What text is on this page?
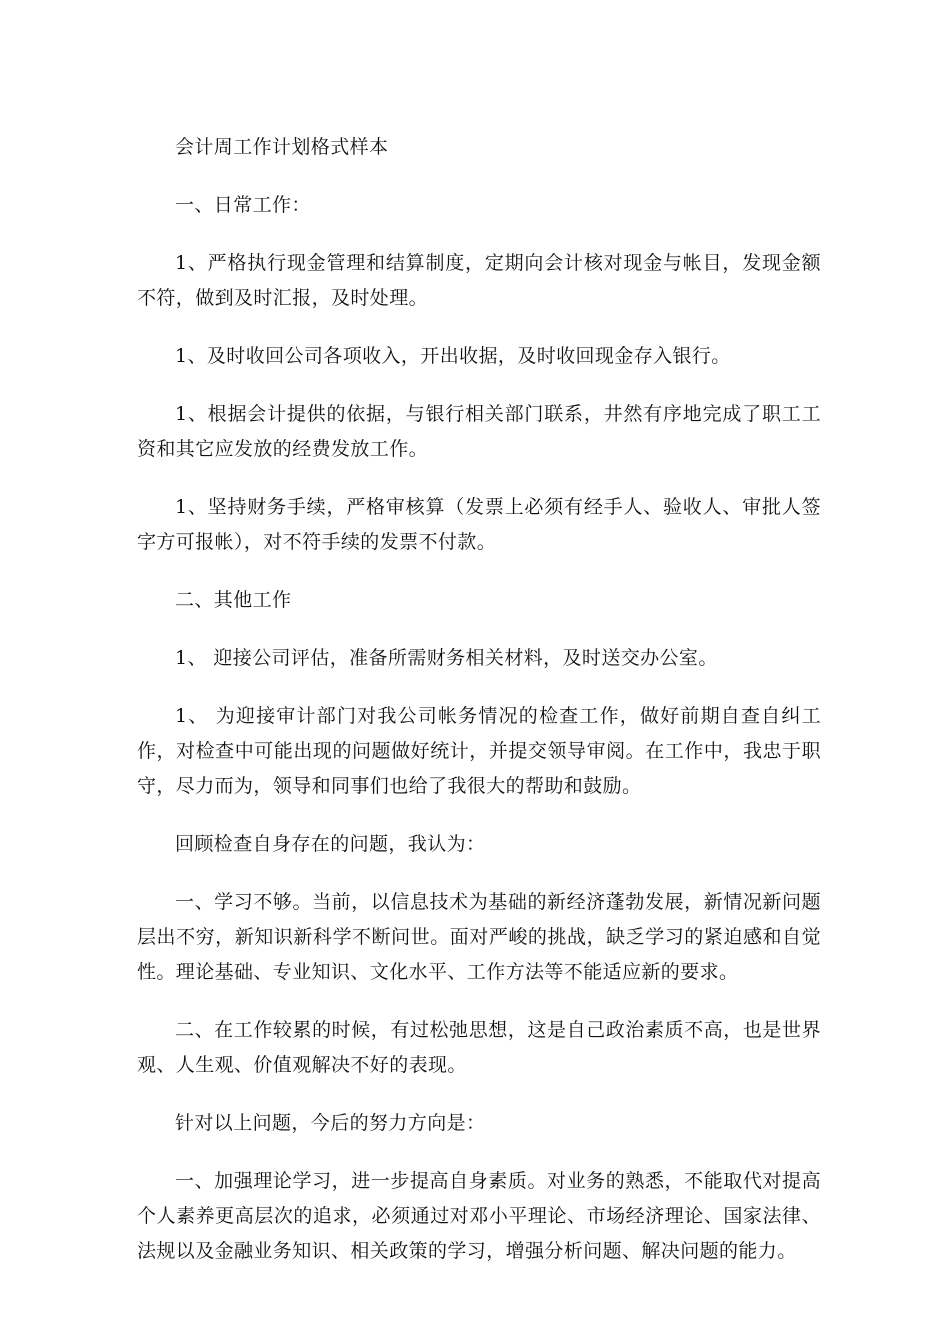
会计周工作计划格式样本

一、日常工作：

1、严格执行现金管理和结算制度，定期向会计核对现金与帐目，发现金额不符，做到及时汇报，及时处理。

1、及时收回公司各项收入，开出收据，及时收回现金存入银行。

1、根据会计提供的依据，与银行相关部门联系，井然有序地完成了职工工资和其它应发放的经费发放工作。

1、坚持财务手续，严格审核算（发票上必须有经手人、验收人、审批人签字方可报帐），对不符手续的发票不付款。

二、其他工作

1、 迎接公司评估，准备所需财务相关材料，及时送交办公室。

1、 为迎接审计部门对我公司帐务情况的检查工作，做好前期自查自纠工作，对检查中可能出现的问题做好统计，并提交领导审阅。在工作中，我忠于职守，尽力而为，领导和同事们也给了我很大的帮助和鼓励。

回顾检查自身存在的问题，我认为：

一、学习不够。当前，以信息技术为基础的新经济蓬勃发展，新情况新问题层出不穷，新知识新科学不断问世。面对严峻的挑战，缺乏学习的紧迫感和自觉性。理论基础、专业知识、文化水平、工作方法等不能适应新的要求。

二、在工作较累的时候，有过松弛思想，这是自己政治素质不高，也是世界观、人生观、价值观解决不好的表现。

针对以上问题，今后的努力方向是：

一、加强理论学习，进一步提高自身素质。对业务的熟悉，不能取代对提高个人素养更高层次的追求，必须通过对邓小平理论、市场经济理论、国家法律、法规以及金融业务知识、相关政策的学习，增强分析问题、解决问题的能力。
